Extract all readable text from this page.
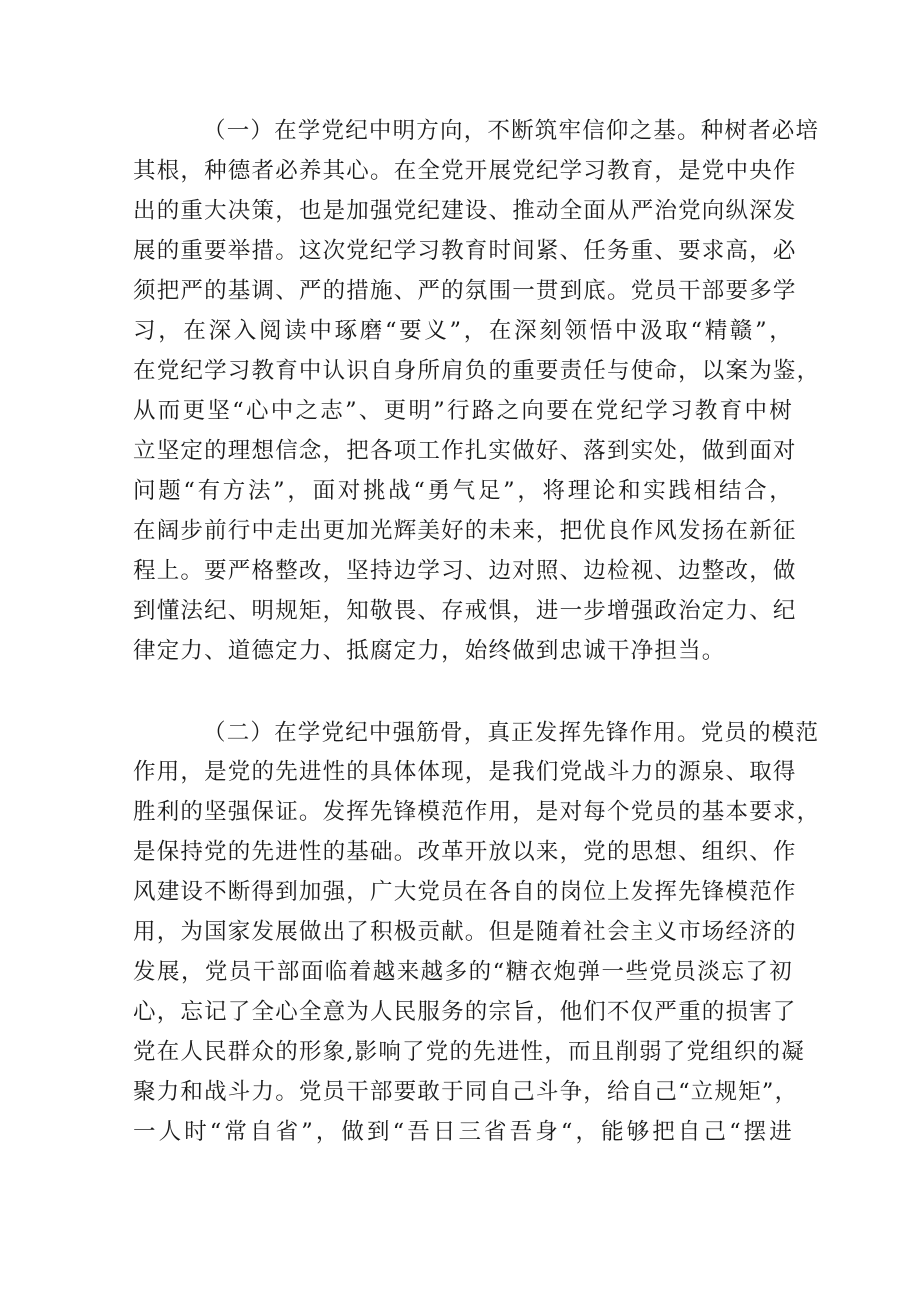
（一）在学党纪中明方向，不断筑牢信仰之基。种树者必培
其根，种德者必养其心。在全党开展党纪学习教育，是党中央作
出的重大决策，也是加强党纪建设、推动全面从严治党向纵深发
展的重要举措。这次党纪学习教育时间紧、任务重、要求高，必
须把严的基调、严的措施、严的氛围一贯到底。党员干部要多学
习，在深入阅读中琢磨“要义”，在深刻领悟中汲取“精赣”，
在党纪学习教育中认识自身所肩负的重要责任与使命，以案为鉴，
从而更坚“心中之志”、更明”行路之向要在党纪学习教育中树
立坚定的理想信念，把各项工作扎实做好、落到实处，做到面对
问题“有方法”，面对挑战“勇气足”，将理论和实践相结合，
在阔步前行中走出更加光辉美好的未来，把优良作风发扬在新征
程上。要严格整改，坚持边学习、边对照、边检视、边整改，做
到懂法纪、明规矩，知敬畏、存戒惧，进一步增强政治定力、纪
律定力、道德定力、抵腐定力，始终做到忠诚干净担当。
（二）在学党纪中强筋骨，真正发挥先锋作用。党员的模范
作用，是党的先进性的具体体现，是我们党战斗力的源泉、取得
胜利的坚强保证。发挥先锋模范作用，是对每个党员的基本要求，
是保持党的先进性的基础。改革开放以来，党的思想、组织、作
风建设不断得到加强，广大党员在各自的岗位上发挥先锋模范作
用，为国家发展做出了积极贡献。但是随着社会主义市场经济的
发展，党员干部面临着越来越多的“糖衣炮弹一些党员淡忘了初
心，忘记了全心全意为人民服务的宗旨，他们不仅严重的损害了
党在人民群众的形象,影响了党的先进性，而且削弱了党组织的凝
聚力和战斗力。党员干部要敢于同自己斗争，给自己“立规矩”，
一人时“常自省”，做到“吾日三省吾身“，能够把自己“摆进
